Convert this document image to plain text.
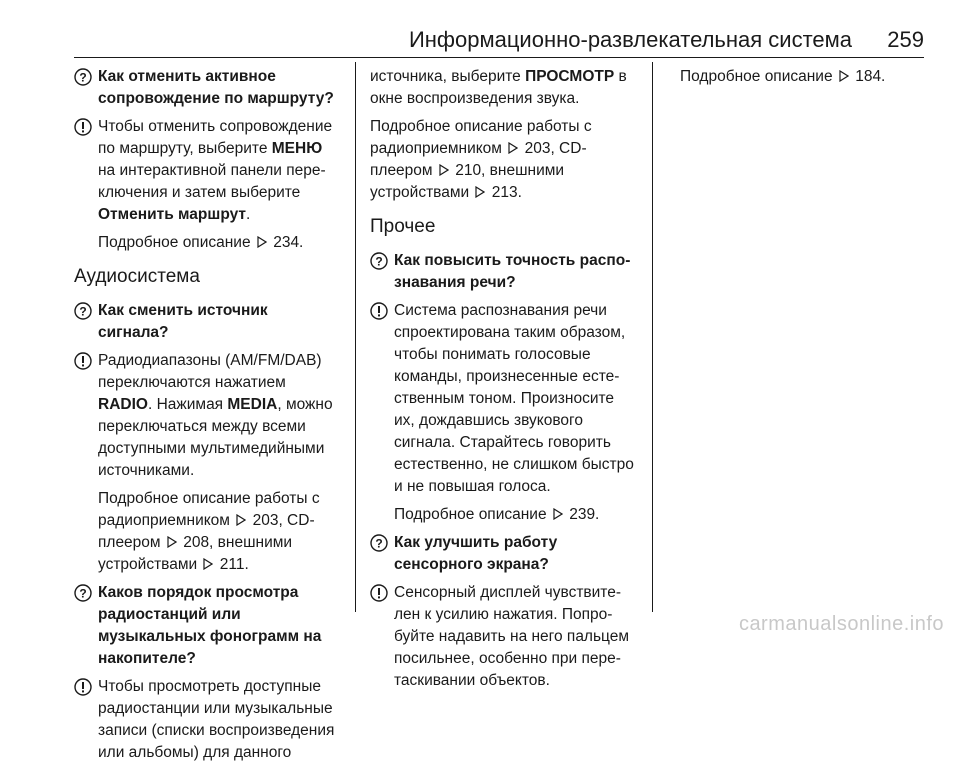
Информационно-развлекательная система 259
Как отменить активное сопровождение по маршруту?
Чтобы отменить сопровождение по маршруту, выберите МЕНЮ на интерактивной панели переключения и затем выберите Отменить маршрут.
Подробное описание  234.
Аудиосистема
Как сменить источник сигнала?
Радиодиапазоны (AM/FM/DAB) переключаются нажатием RADIO. Нажимая MEDIA, можно переключаться между всеми доступными мультимедийными источниками.
Подробное описание работы с радиоприемником  203, CD-плеером  208, внешними устройствами  211.
Каков порядок просмотра радиостанций или музыкальных фонограмм на накопителе?
Чтобы просмотреть доступные радиостанции или музыкальные записи (списки воспроизведения или альбомы) для данного
источника, выберите ПРОСМОТР в окне воспроизведения звука.
Подробное описание работы с радиоприемником  203, CD-плеером  210, внешними устройствами  213.
Прочее
Как повысить точность распознавания речи?
Система распознавания речи спроектирована таким образом, чтобы понимать голосовые команды, произнесенные естественным тоном. Произносите их, дождавшись звукового сигнала. Старайтесь говорить естественно, не слишком быстро и не повышая голоса.
Подробное описание  239.
Как улучшить работу сенсорного экрана?
Сенсорный дисплей чувствителен к усилию нажатия. Попробуйте надавить на него пальцем посильнее, особенно при перетаскивании объектов.
Подробное описание  184.
carmanualsonline.info
